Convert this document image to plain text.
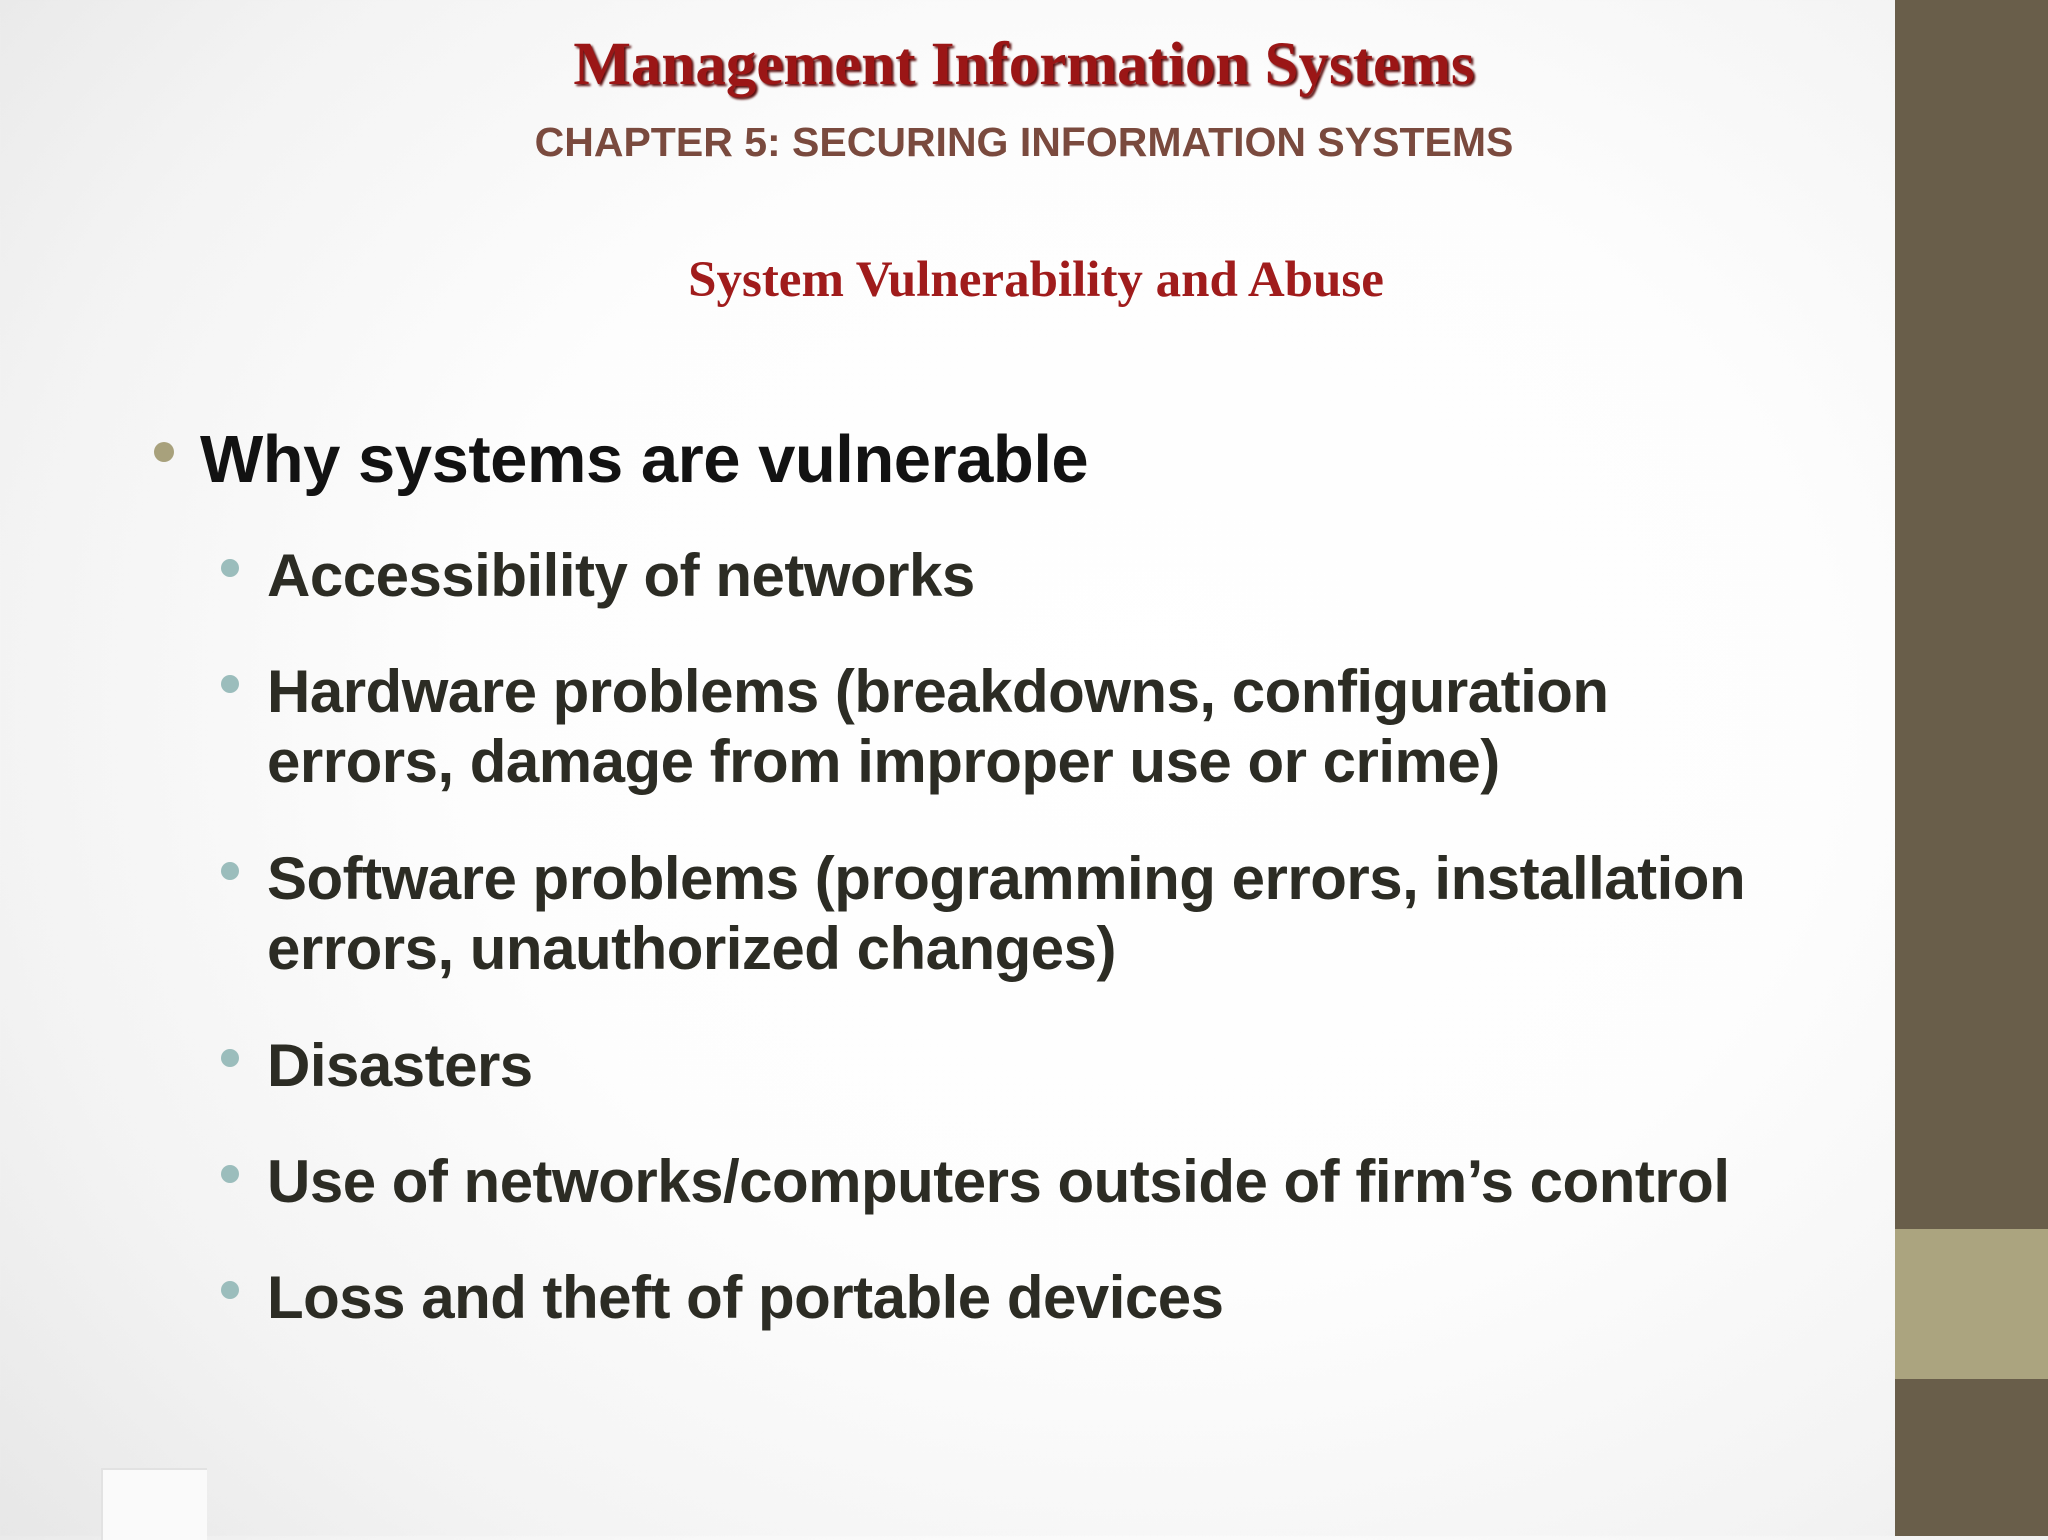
Management Information Systems
CHAPTER 5: SECURING INFORMATION SYSTEMS
System Vulnerability and Abuse
Why systems are vulnerable
Accessibility of networks
Hardware problems (breakdowns, configuration
errors, damage from improper use or crime)
Software problems (programming errors, installation
errors, unauthorized changes)
Disasters
Use of networks/computers outside of firm’s control
Loss and theft of portable devices
